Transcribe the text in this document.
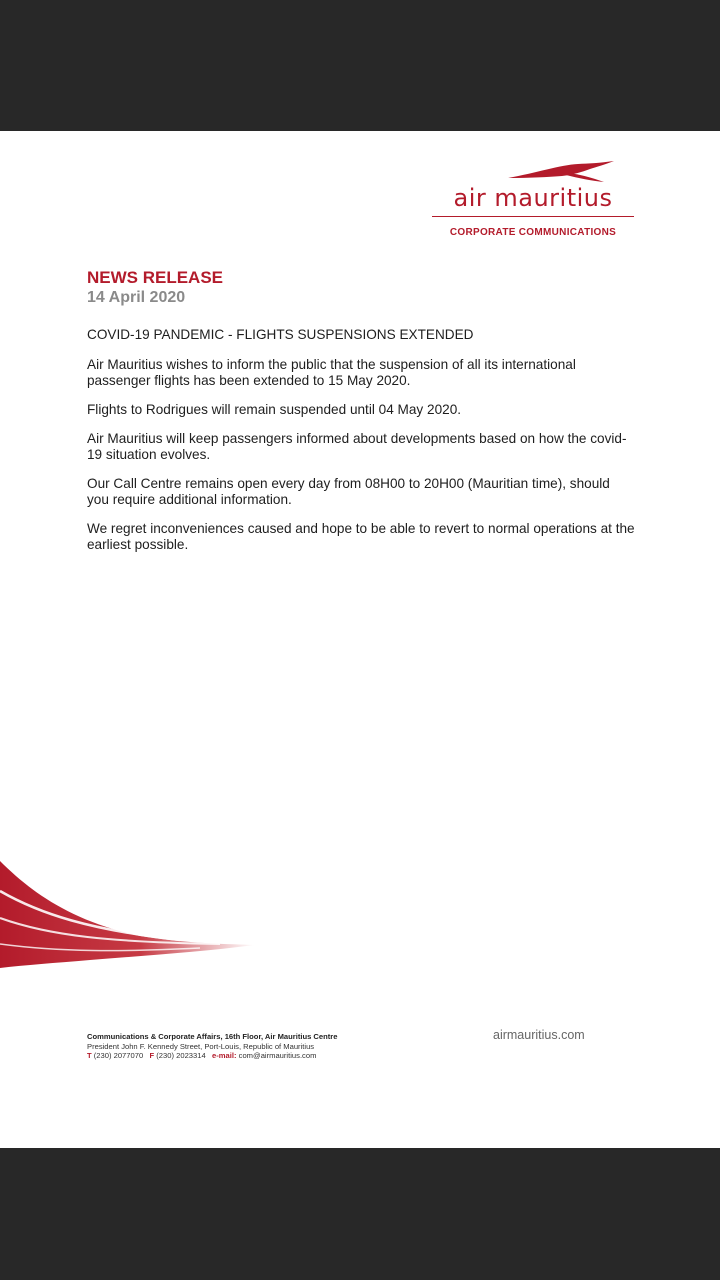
air mauritius
CORPORATE COMMUNICATIONS
NEWS RELEASE
14 April 2020

COVID-19 PANDEMIC - FLIGHTS SUSPENSIONS EXTENDED

Air Mauritius wishes to inform the public that the suspension of all its international passenger flights has been extended to 15 May 2020.

Flights to Rodrigues will remain suspended until 04 May 2020.

Air Mauritius will keep passengers informed about developments based on how the covid-19 situation evolves.

Our Call Centre remains open every day from 08H00 to 20H00 (Mauritian time), should you require additional information.

We regret inconveniences caused and hope to be able to revert to normal operations at the earliest possible.

Communications & Corporate Affairs, 16th Floor, Air Mauritius Centre
President John F. Kennedy Street, Port-Louis, Republic of Mauritius
T (230) 2077070 F (230) 2023314 e-mail: com@airmauritius.com
airmauritius.com
